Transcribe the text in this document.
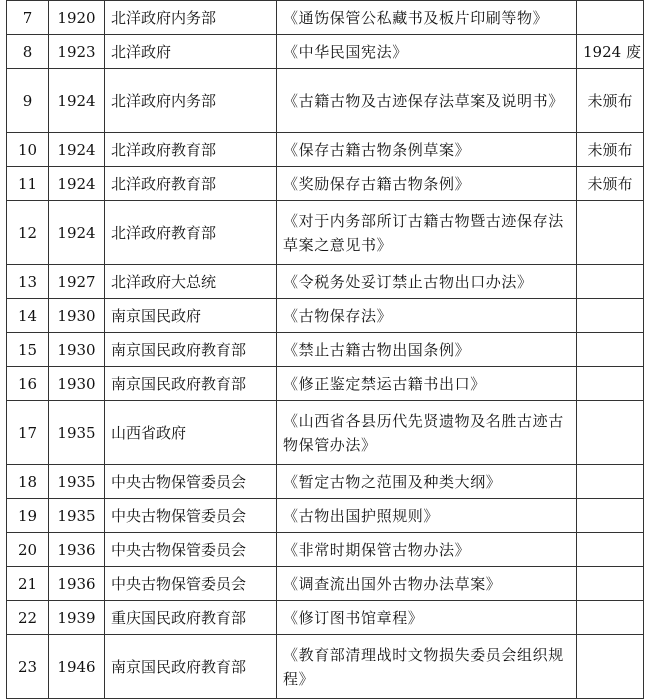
7	1920	北洋政府内务部	《通饬保管公私藏书及板片印刷等物》	
8	1923	北洋政府	《中华民国宪法》	1924 废
9	1924	北洋政府内务部	《古籍古物及古迹保存法草案及说明书》	未颁布
10	1924	北洋政府教育部	《保存古籍古物条例草案》	未颁布
11	1924	北洋政府教育部	《奖励保存古籍古物条例》	未颁布
12	1924	北洋政府教育部	《对于内务部所订古籍古物暨古迹保存法草案之意见书》	
13	1927	北洋政府大总统	《令税务处妥订禁止古物出口办法》	
14	1930	南京国民政府	《古物保存法》	
15	1930	南京国民政府教育部	《禁止古籍古物出国条例》	
16	1930	南京国民政府教育部	《修正鉴定禁运古籍书出口》	
17	1935	山西省政府	《山西省各县历代先贤遗物及名胜古迹古物保管办法》	
18	1935	中央古物保管委员会	《暂定古物之范围及种类大纲》	
19	1935	中央古物保管委员会	《古物出国护照规则》	
20	1936	中央古物保管委员会	《非常时期保管古物办法》	
21	1936	中央古物保管委员会	《调查流出国外古物办法草案》	
22	1939	重庆国民政府教育部	《修订图书馆章程》	
23	1946	南京国民政府教育部	《教育部清理战时文物损失委员会组织规程》	
